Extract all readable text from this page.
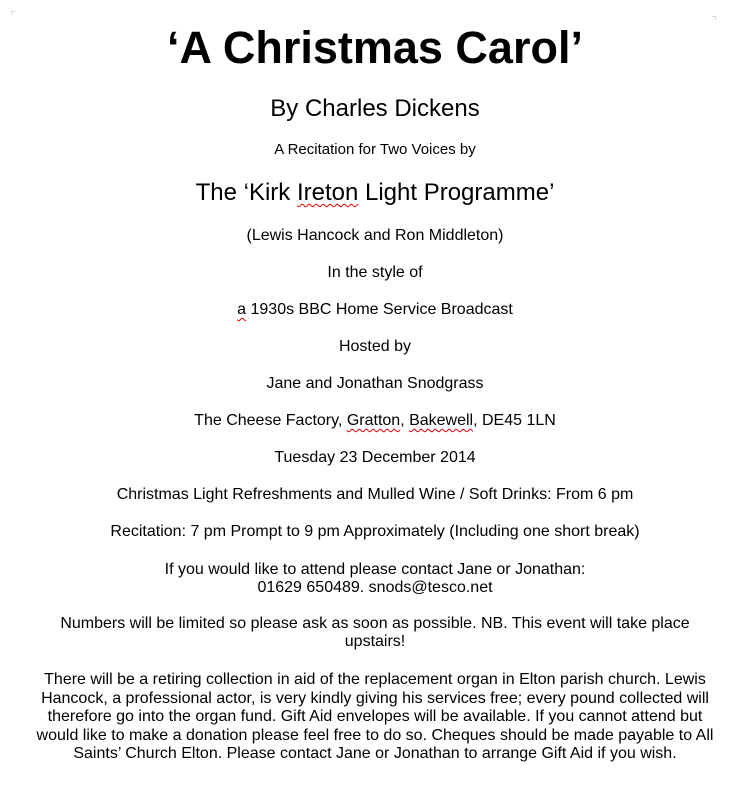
‘A Christmas Carol’
By Charles Dickens
A Recitation for Two Voices by
The ‘Kirk Ireton Light Programme’
(Lewis Hancock and Ron Middleton)
In the style of
a 1930s BBC Home Service Broadcast
Hosted by
Jane and Jonathan Snodgrass
The Cheese Factory, Gratton, Bakewell, DE45 1LN
Tuesday 23 December 2014
Christmas Light Refreshments and Mulled Wine / Soft Drinks: From 6 pm
Recitation: 7 pm Prompt to 9 pm Approximately (Including one short break)
If you would like to attend please contact Jane or Jonathan:
01629 650489. snods@tesco.net
Numbers will be limited so please ask as soon as possible. NB. This event will take place upstairs!
There will be a retiring collection in aid of the replacement organ in Elton parish church. Lewis Hancock, a professional actor, is very kindly giving his services free; every pound collected will therefore go into the organ fund. Gift Aid envelopes will be available. If you cannot attend but would like to make a donation please feel free to do so. Cheques should be made payable to All Saints’ Church Elton. Please contact Jane or Jonathan to arrange Gift Aid if you wish.
